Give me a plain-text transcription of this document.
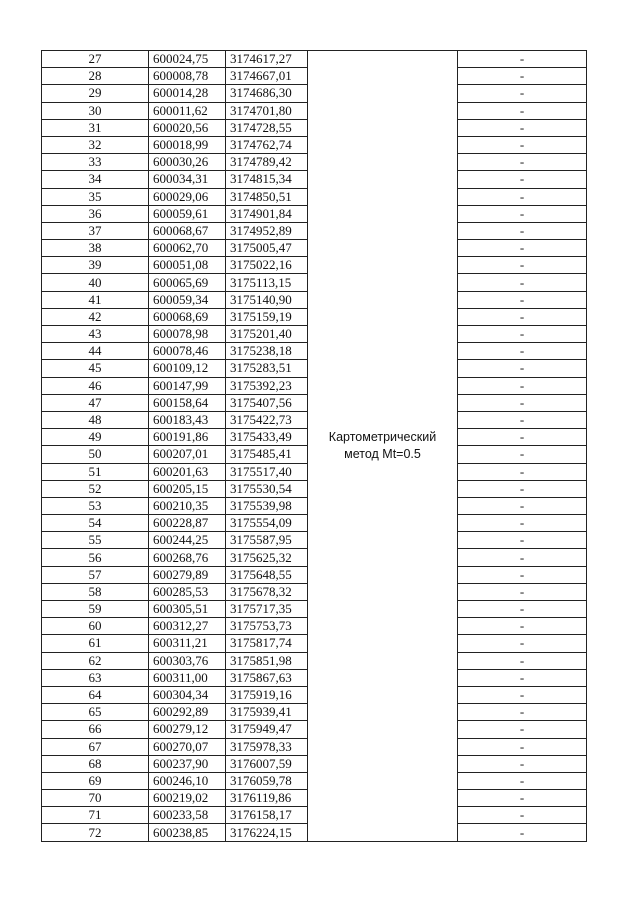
27	600024,75	3174617,27	Картометрический
метод Mt=0.5	-
28	600008,78	3174667,01		-
29	600014,28	3174686,30		-
30	600011,62	3174701,80		-
31	600020,56	3174728,55		-
32	600018,99	3174762,74		-
33	600030,26	3174789,42		-
34	600034,31	3174815,34		-
35	600029,06	3174850,51		-
36	600059,61	3174901,84		-
37	600068,67	3174952,89		-
38	600062,70	3175005,47		-
39	600051,08	3175022,16		-
40	600065,69	3175113,15		-
41	600059,34	3175140,90		-
42	600068,69	3175159,19		-
43	600078,98	3175201,40		-
44	600078,46	3175238,18		-
45	600109,12	3175283,51		-
46	600147,99	3175392,23		-
47	600158,64	3175407,56		-
48	600183,43	3175422,73		-
49	600191,86	3175433,49		-
50	600207,01	3175485,41		-
51	600201,63	3175517,40		-
52	600205,15	3175530,54		-
53	600210,35	3175539,98		-
54	600228,87	3175554,09		-
55	600244,25	3175587,95		-
56	600268,76	3175625,32		-
57	600279,89	3175648,55		-
58	600285,53	3175678,32		-
59	600305,51	3175717,35		-
60	600312,27	3175753,73		-
61	600311,21	3175817,74		-
62	600303,76	3175851,98		-
63	600311,00	3175867,63		-
64	600304,34	3175919,16		-
65	600292,89	3175939,41		-
66	600279,12	3175949,47		-
67	600270,07	3175978,33		-
68	600237,90	3176007,59		-
69	600246,10	3176059,78		-
70	600219,02	3176119,86		-
71	600233,58	3176158,17		-
72	600238,85	3176224,15		-
